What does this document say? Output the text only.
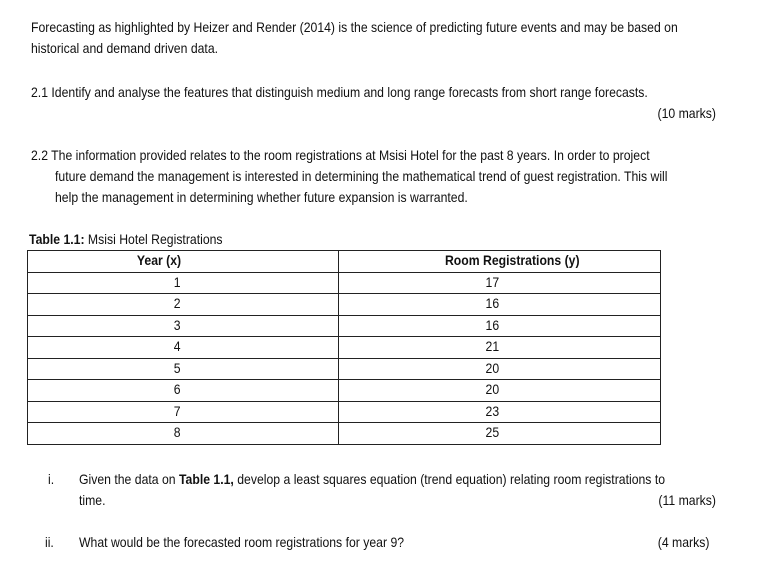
Forecasting as highlighted by Heizer and Render (2014) is the science of predicting future events and may be based on
historical and demand driven data.
2.1 Identify and analyse the features that distinguish medium and long range forecasts from short range forecasts.
(10 marks)
2.2 The information provided relates to the room registrations at Msisi Hotel for the past 8 years. In order to project
future demand the management is interested in determining the mathematical trend of guest registration. This will
help the management in determining whether future expansion is warranted.
Table 1.1: Msisi Hotel Registrations
Year (x)	Room Registrations (y)
1	17
2	16
3	16
4	21
5	20
6	20
7	23
8	25
i. Given the data on Table 1.1, develop a least squares equation (trend equation) relating room registrations to
time.	(11 marks)
ii. What would be the forecasted room registrations for year 9?	(4 marks)
